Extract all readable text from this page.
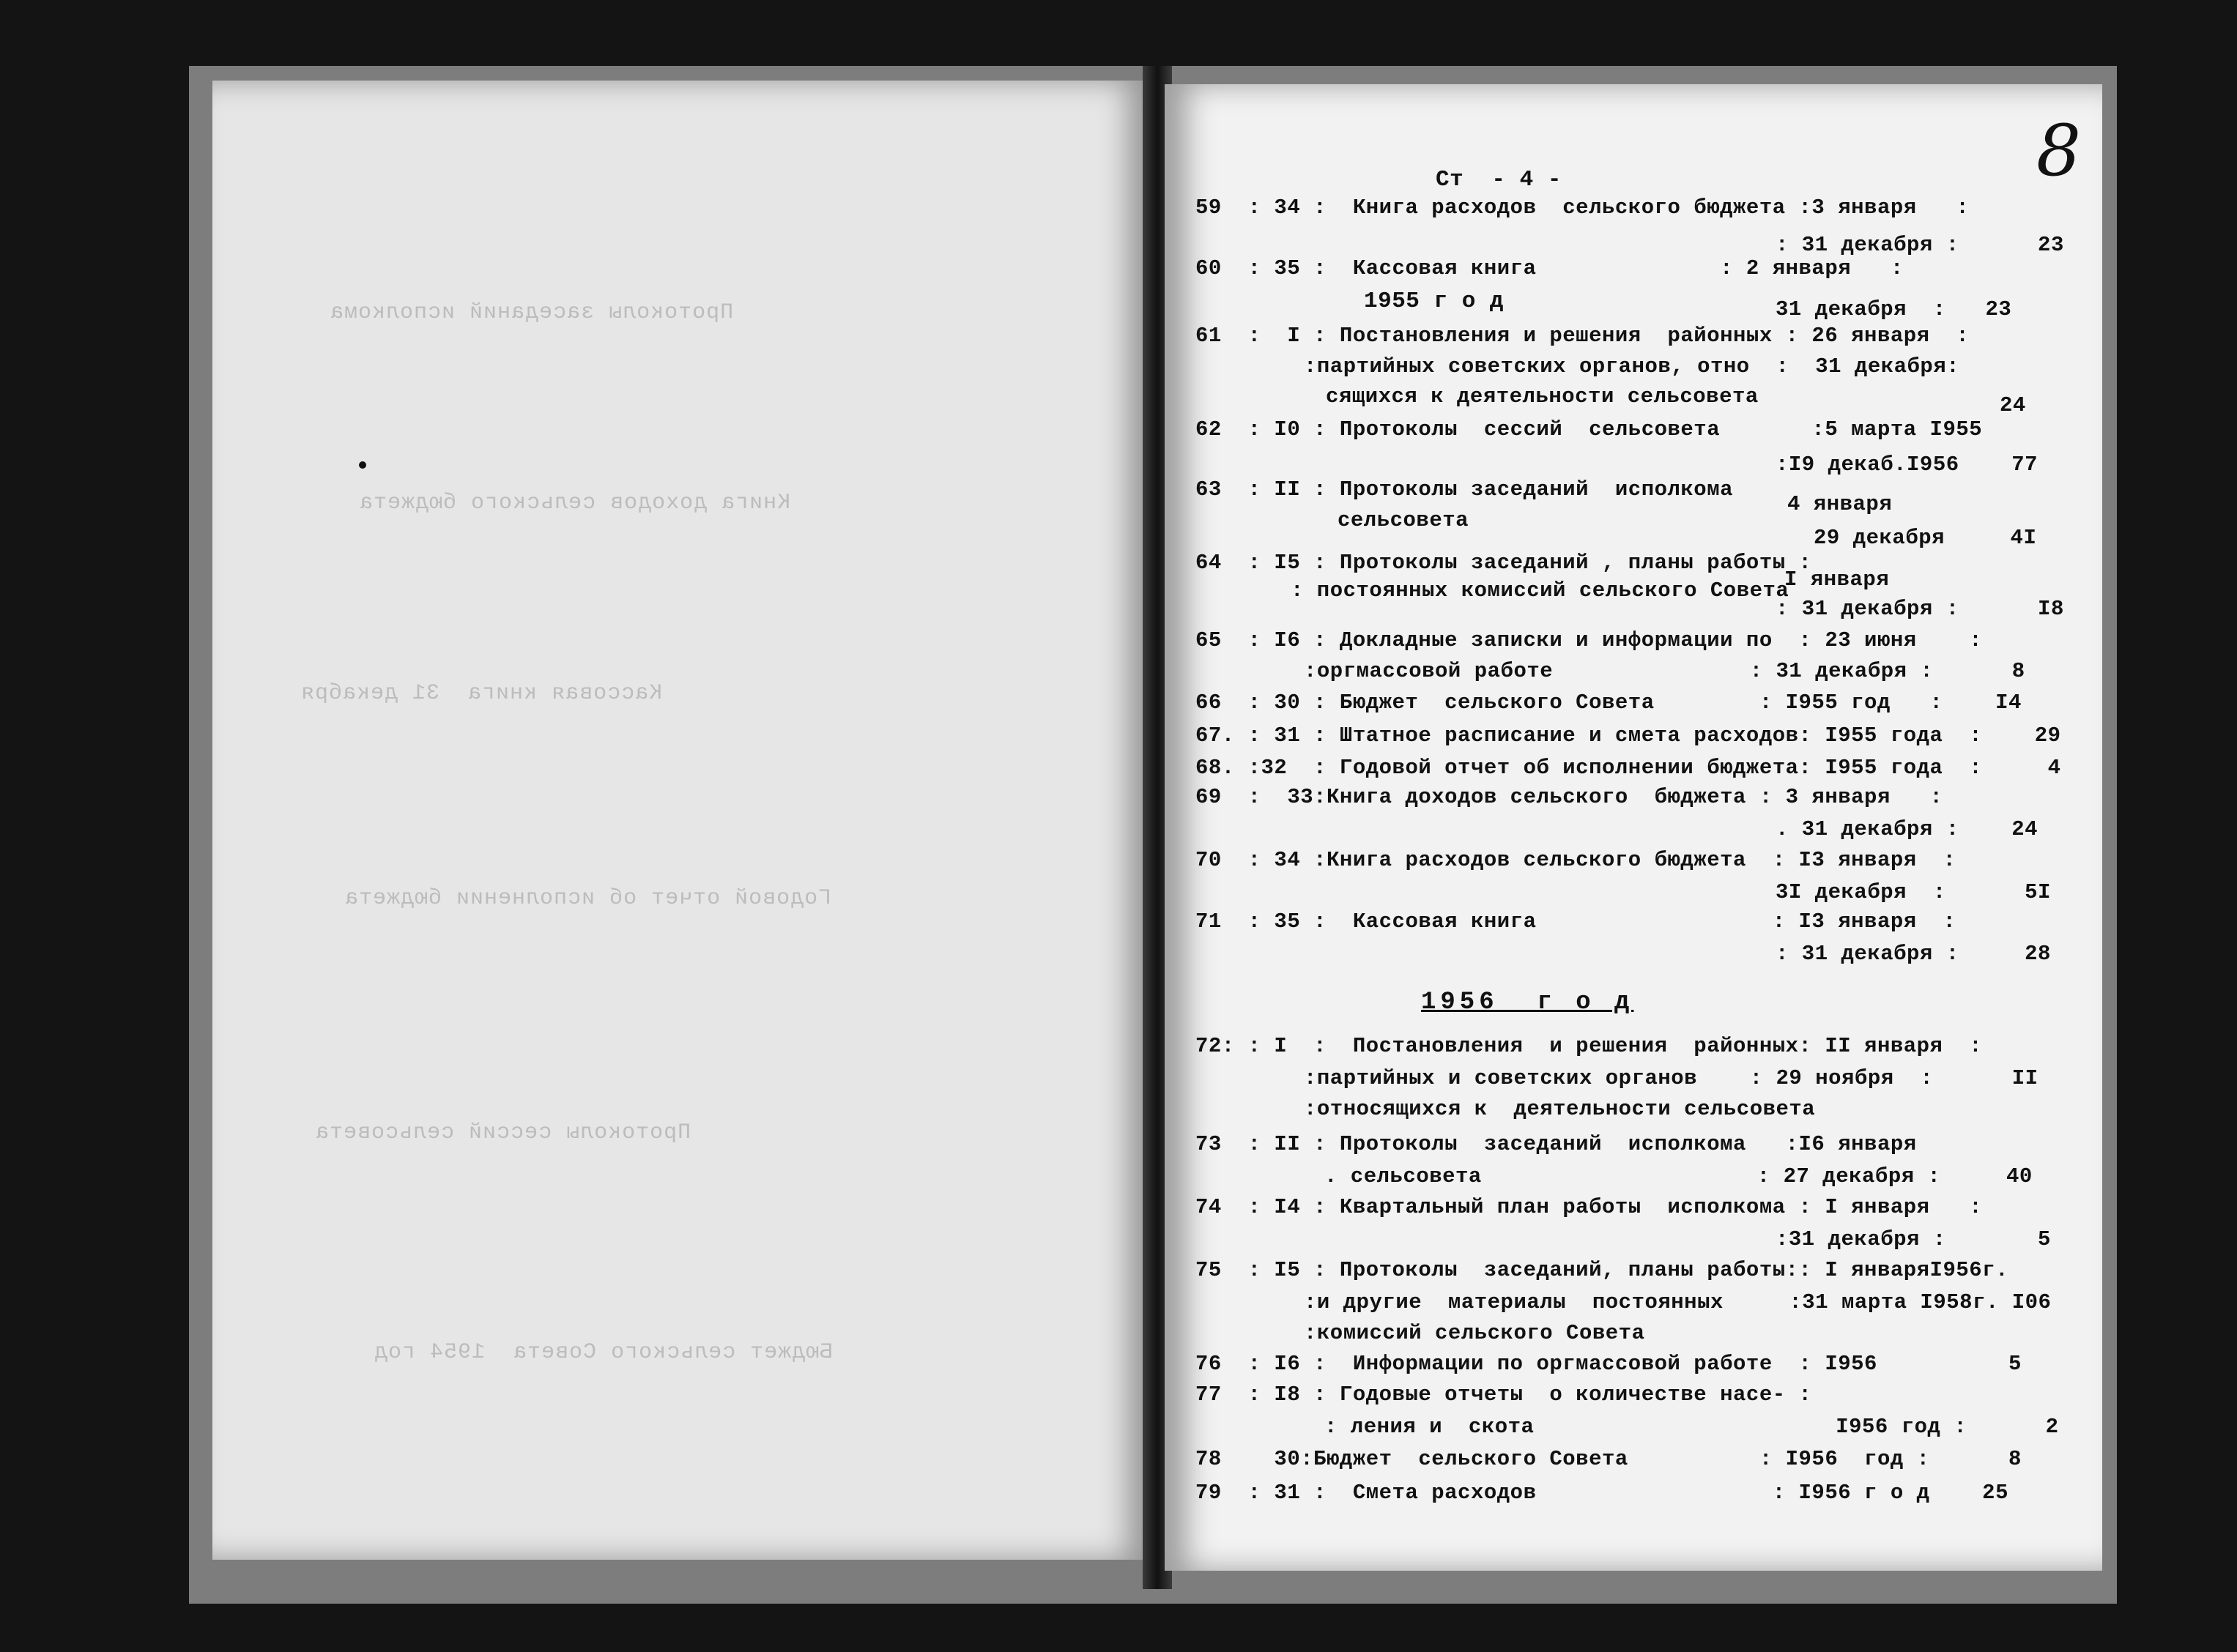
Протоколы заседаний исполкома
Книга доходов сельского бюджета
Кассовая книга  31 декабря
Годовой отчет об исполнении бюджета
Протоколы сессий сельсовета
Бюджет сельского Совета  1954 год
8
Ст  - 4 -
59  : 34 :  Книга расходов  сельского бюджета :3 января   :
: 31 декабря :      23
60  : 35 :  Кассовая книга              : 2 января   :
1955 г о д	31 декабря  :   23
61  :  I : Постановления и решения  районных : 26 января  :
:партийных советских органов, отно  :  31 декабря:
сящихся к деятельности сельсовета	24
62  : I0 : Протоколы  сессий  сельсовета       :5 марта I955
:I9 декаб.I956    77
63  : II : Протоколы заседаний  исполкома
сельсовета
4 января
29 декабря     4I
64  : I5 : Протоколы заседаний , планы работы :
: постоянных комиссий сельского Совета
I января
: 31 декабря :      I8
65  : I6 : Докладные записки и информации по  : 23 июня    :
:оргмассовой работе               : 31 декабря :      8
66  : 30 : Бюджет  сельского Совета        : I955 год   :    I4
67. : 31 : Штатное расписание и смета расходов: I955 года  :    29
68. :32  : Годовой отчет об исполнении бюджета: I955 года  :     4
69  :  33:Книга доходов сельского  бюджета : 3 января   :
. 31 декабря :    24
70  : 34 :Книга расходов сельского бюджета  : I3 января  :
3I декабря  :      5I
71  : 35 :  Кассовая книга                  : I3 января  :
: 31 декабря :     28
1956  г о д
72: : I  :  Постановления  и решения  районных: II января  :
:партийных и советских органов    : 29 ноября  :      II
:относящихся к  деятельности сельсовета
73  : II : Протоколы  заседаний  исполкома   :I6 января
. сельсовета                     : 27 декабря :     40
74  : I4 : Квартальный план работы  исполкома : I января   :
:31 декабря :       5
75  : I5 : Протоколы  заседаний, планы работы:: I январяI956г.
:и другие  материалы  постоянных     :31 марта I958г. I06
:комиссий сельского Совета
76  : I6 :  Информации по оргмассовой работе  : I956          5
77  : I8 : Годовые отчеты  о количестве насе- :
: ления и  скота                       I956 год :      2
78    30:Бюджет  сельского Совета          : I956  год :      8
79  : 31 :  Смета расходов                  : I956 г о д    25
